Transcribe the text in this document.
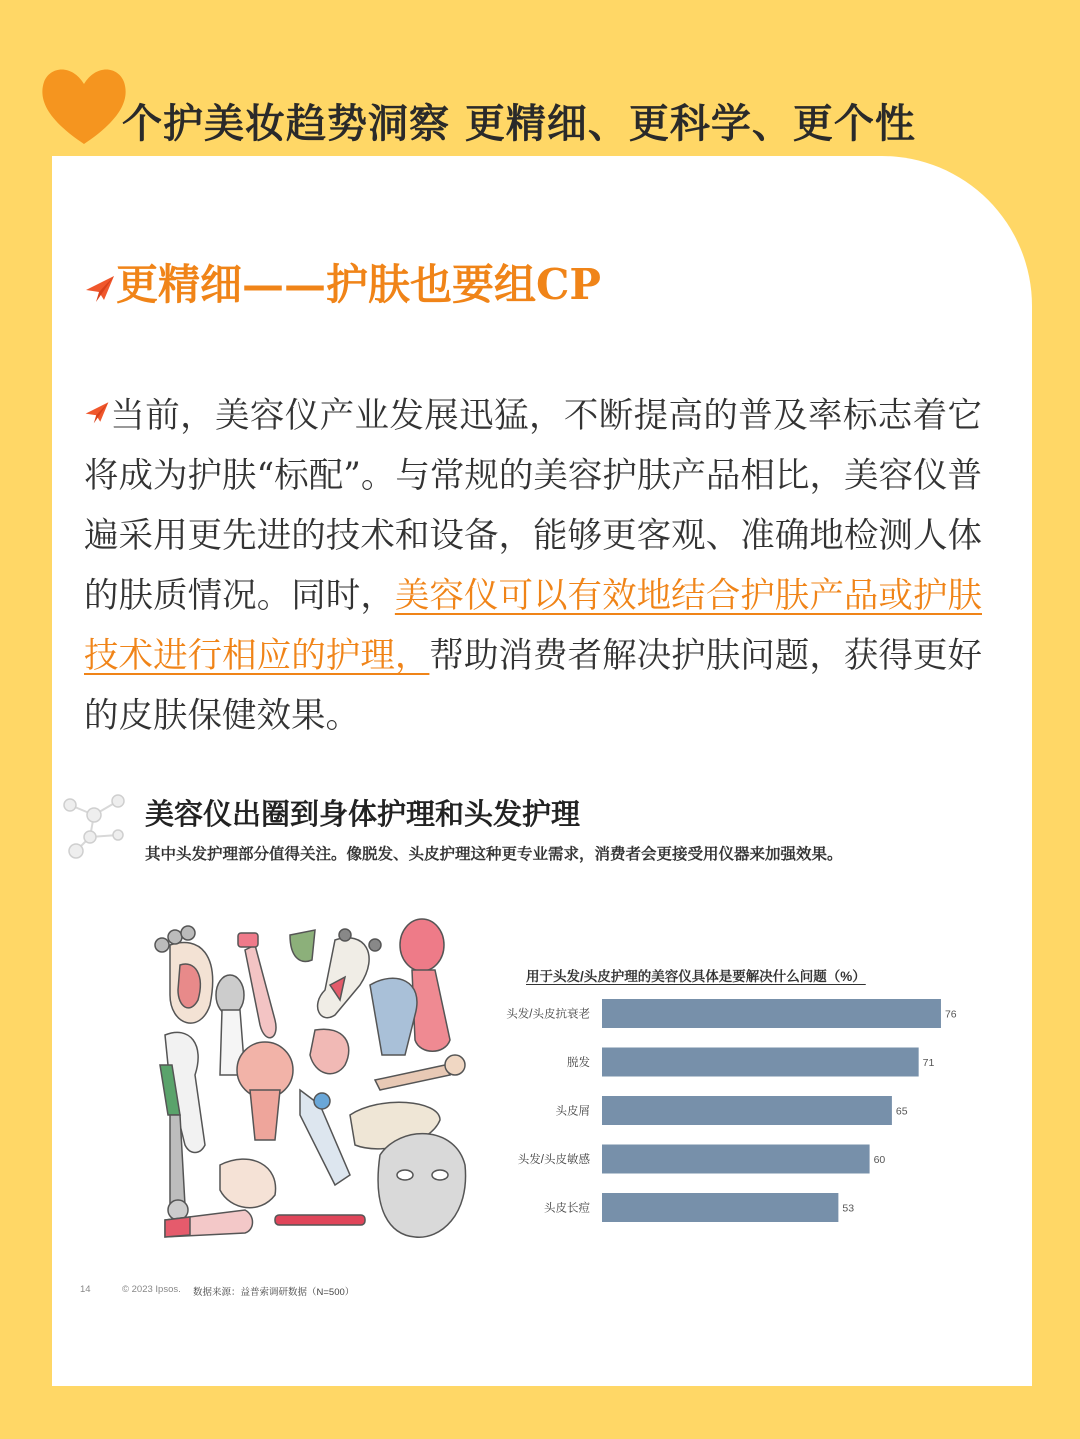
个护美妆趋势洞察 更精细、更科学、更个性
更精细——护肤也要组CP
当前，美容仪产业发展迅猛，不断提高的普及率标志着它将成为护肤“标配”。与常规的美容护肤产品相比，美容仪普遍采用更先进的技术和设备，能够更客观、准确地检测人体的肤质情况。同时，美容仪可以有效地结合护肤产品或护肤技术进行相应的护理，帮助消费者解决护肤问题，获得更好的皮肤保健效果。
美容仪出圈到身体护理和头发护理
其中头发护理部分值得关注。像脱发、头皮护理这种更专业需求，消费者会更接受用仪器来加强效果。
用于头发/头皮护理的美容仪具体是要解决什么问题（%）
头发/头皮抗衰老	76
脱发	71
头皮屑	65
头发/头皮敏感	60
头皮长痘	53
14	© 2023 Ipsos. 数据来源：益普索调研数据（N=500）
